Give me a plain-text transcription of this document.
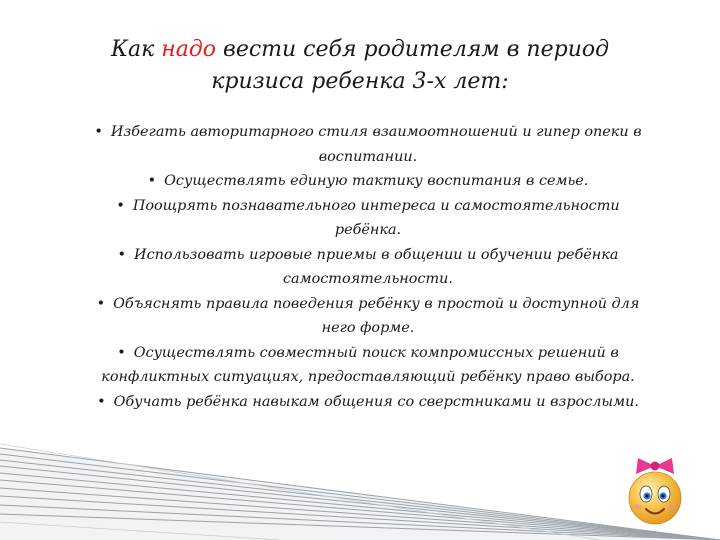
Как надо вести себя родителям в период
кризиса ребенка 3-х лет:
• Избегать авторитарного стиля взаимоотношений и гипер опеки в воспитании.
• Осуществлять единую тактику воспитания в семье.
• Поощрять познавательного интереса и самостоятельности ребёнка.
• Использовать игровые приемы в общении и обучении ребёнка самостоятельности.
• Объяснять правила поведения ребёнку в простой и доступной для него форме.
• Осуществлять совместный поиск компромиссных решений в конфликтных ситуациях, предоставляющий ребёнку право выбора.
• Обучать ребёнка навыкам общения со сверстниками и взрослыми.
